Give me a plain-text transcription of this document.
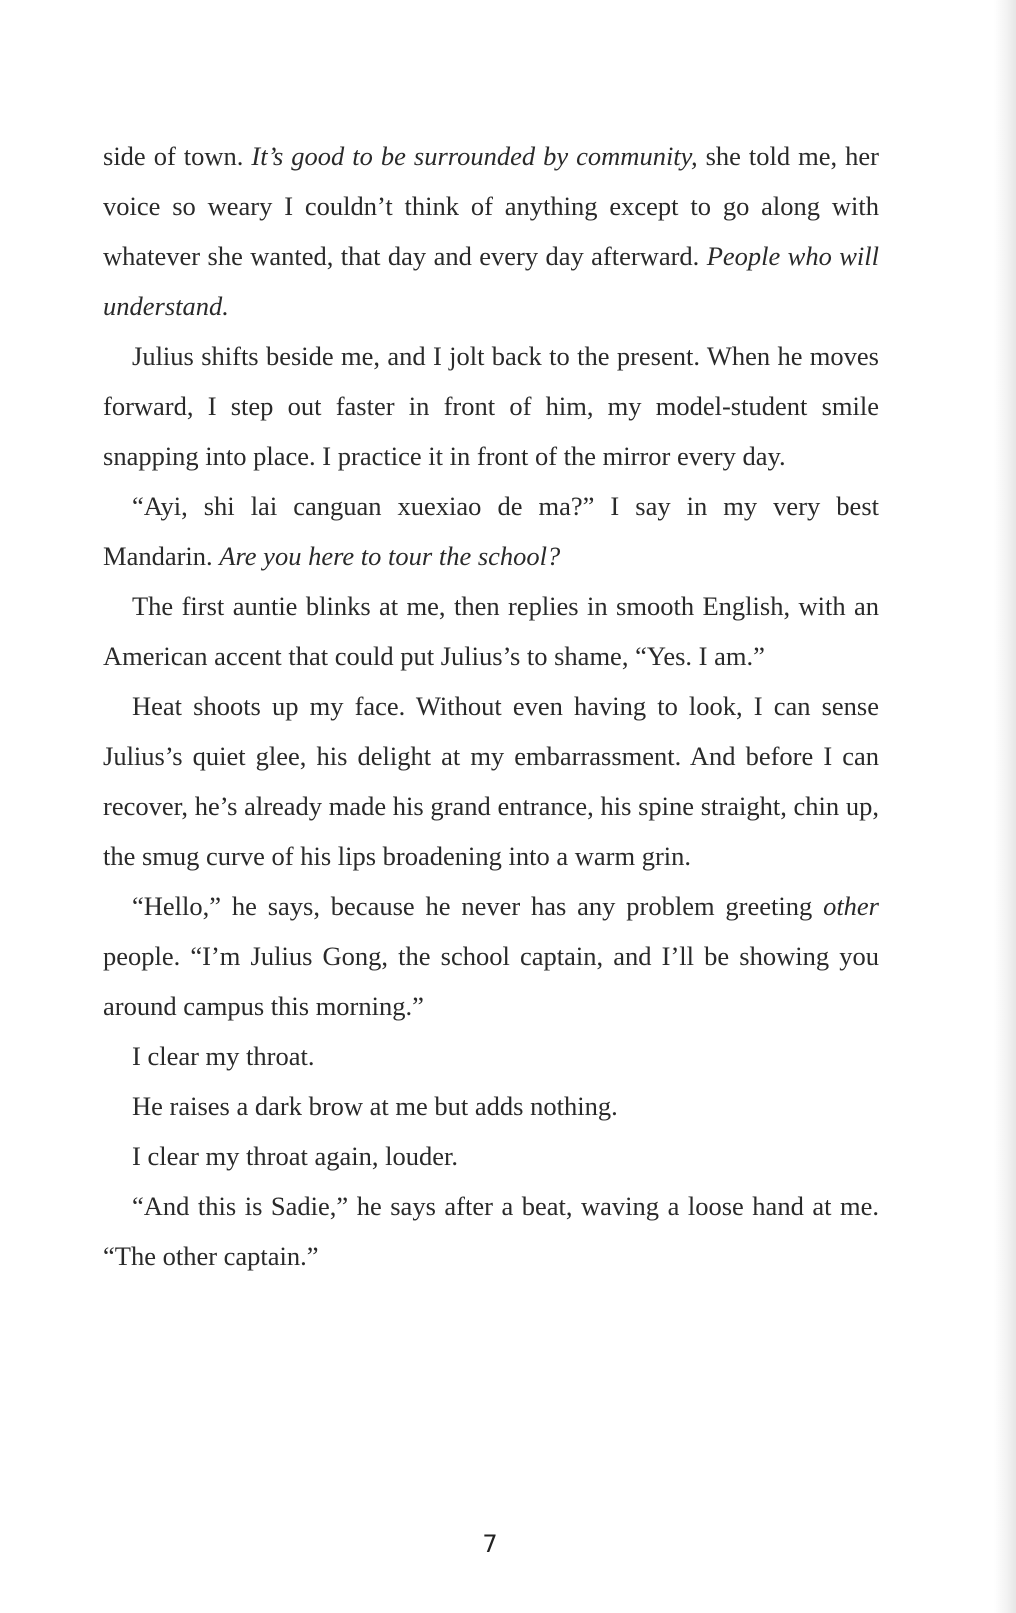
side of town. It’s good to be surrounded by community, she told me, her voice so weary I couldn’t think of anything except to go along with whatever she wanted, that day and every day afterward. People who will understand.

Julius shifts beside me, and I jolt back to the present. When he moves forward, I step out faster in front of him, my model-student smile snapping into place. I practice it in front of the mirror every day.

“Ayi, shi lai canguan xuexiao de ma?” I say in my very best Mandarin. Are you here to tour the school?

The first auntie blinks at me, then replies in smooth English, with an American accent that could put Julius’s to shame, “Yes. I am.”

Heat shoots up my face. Without even having to look, I can sense Julius’s quiet glee, his delight at my embarrassment. And before I can recover, he’s already made his grand entrance, his spine straight, chin up, the smug curve of his lips broadening into a warm grin.

“Hello,” he says, because he never has any problem greeting other people. “I’m Julius Gong, the school captain, and I’ll be showing you around campus this morning.”

I clear my throat.

He raises a dark brow at me but adds nothing.

I clear my throat again, louder.

“And this is Sadie,” he says after a beat, waving a loose hand at me. “The other captain.”

7
